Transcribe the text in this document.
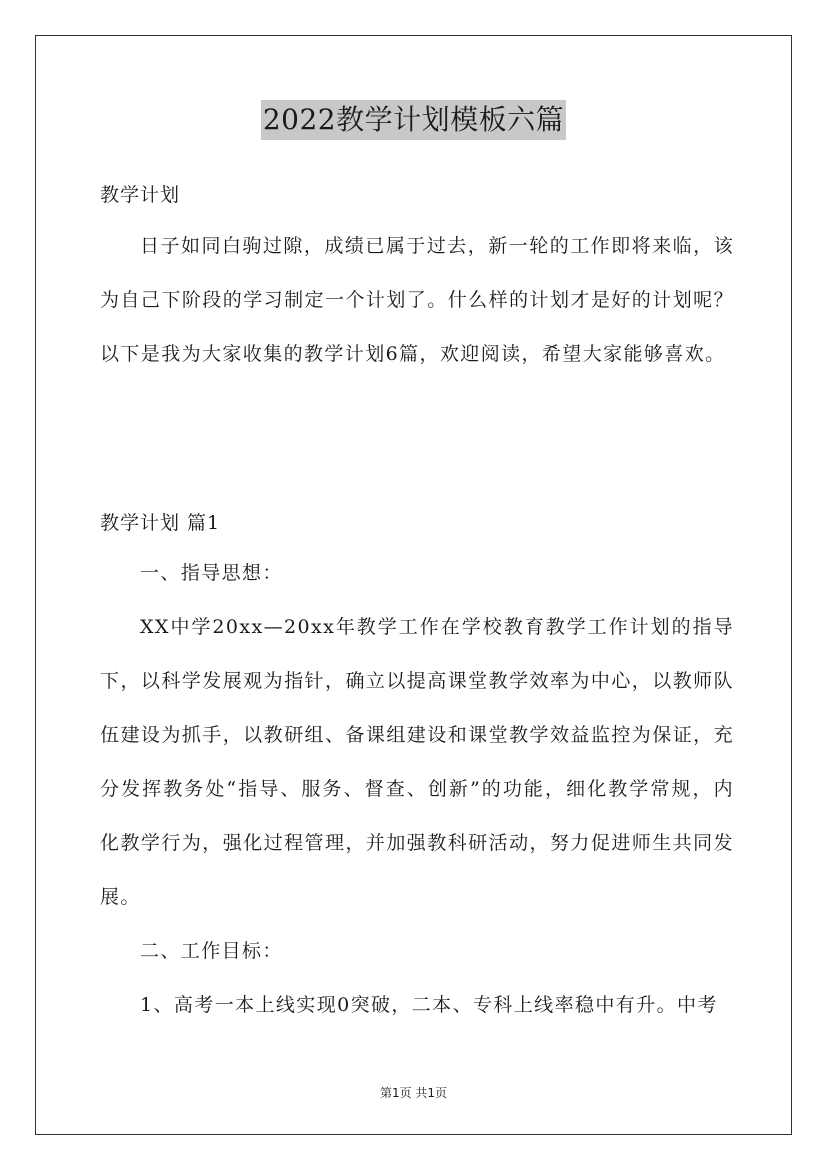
2022教学计划模板六篇
教学计划
日子如同白驹过隙，成绩已属于过去，新一轮的工作即将来临，该为自己下阶段的学习制定一个计划了。什么样的计划才是好的计划呢？以下是我为大家收集的教学计划6篇，欢迎阅读，希望大家能够喜欢。
教学计划 篇1
一、指导思想：
XX中学20xx—20xx年教学工作在学校教育教学工作计划的指导下，以科学发展观为指针，确立以提高课堂教学效率为中心，以教师队伍建设为抓手，以教研组、备课组建设和课堂教学效益监控为保证，充分发挥教务处“指导、服务、督查、创新”的功能，细化教学常规，内化教学行为，强化过程管理，并加强教科研活动，努力促进师生共同发展。
二、工作目标：
1、高考一本上线实现0突破，二本、专科上线率稳中有升。中考
第1页 共1页
